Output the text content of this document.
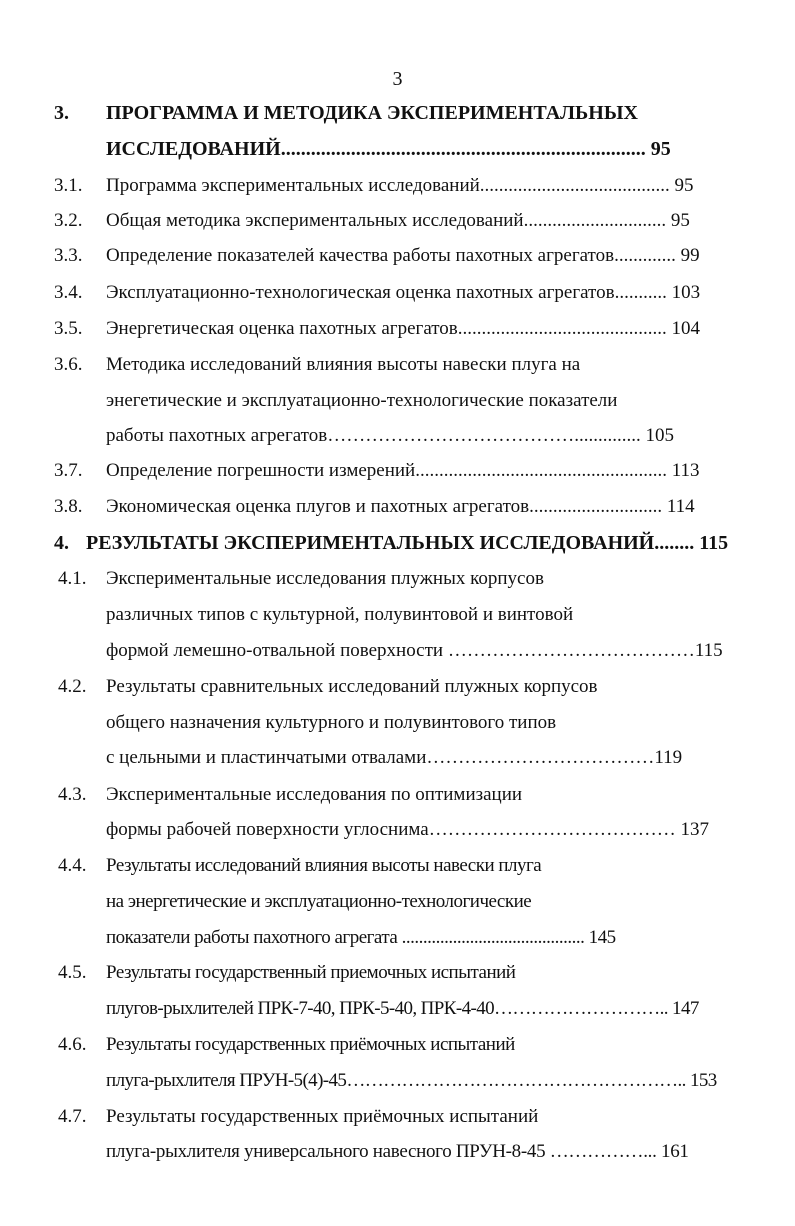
3
3. ПРОГРАММА И МЕТОДИКА ЭКСПЕРИМЕНТАЛЬНЫХ
ИССЛЕДОВАНИЙ......................................................................... 95
3.1. Программа экспериментальных исследований........................................ 95
3.2. Общая методика экспериментальных исследований.............................. 95
3.3. Определение показателей качества работы пахотных агрегатов............. 99
3.4. Эксплуатационно-технологическая оценка пахотных агрегатов........... 103
3.5. Энергетическая оценка пахотных агрегатов............................................ 104
3.6. Методика исследований влияния высоты навески плуга на
энегетические и эксплуатационно-технологические показатели
работы пахотных агрегатов………………………………….............. 105
3.7. Определение погрешности измерений..................................................... 113
3.8. Экономическая оценка плугов и пахотных агрегатов............................ 114
4. РЕЗУЛЬТАТЫ ЭКСПЕРИМЕНТАЛЬНЫХ ИССЛЕДОВАНИЙ........ 115
4.1. Экспериментальные исследования плужных корпусов
различных типов с культурной, полувинтовой и винтовой
формой лемешно-отвальной поверхности …………………………………115
4.2. Результаты сравнительных исследований плужных корпусов
общего назначения культурного и полувинтового типов
с цельными и пластинчатыми отвалами………………………………119
4.3. Экспериментальные исследования по оптимизации
формы рабочей поверхности углоснима………………………………… 137
4.4. Результаты исследований влияния высоты навески плуга
на энергетические и эксплуатационно-технологические
показатели работы пахотного агрегата ........................................... 145
4.5. Результаты государственный приемочных испытаний
плугов-рыхлителей ПРК-7-40, ПРК-5-40, ПРК-4-40……………………….. 147
4.6. Результаты государственных приёмочных испытаний
плуга-рыхлителя ПРУН-5(4)-45……………………………………………….. 153
4.7. Результаты государственных приёмочных испытаний
плуга-рыхлителя универсального навесного ПРУН-8-45 ……………... 161
